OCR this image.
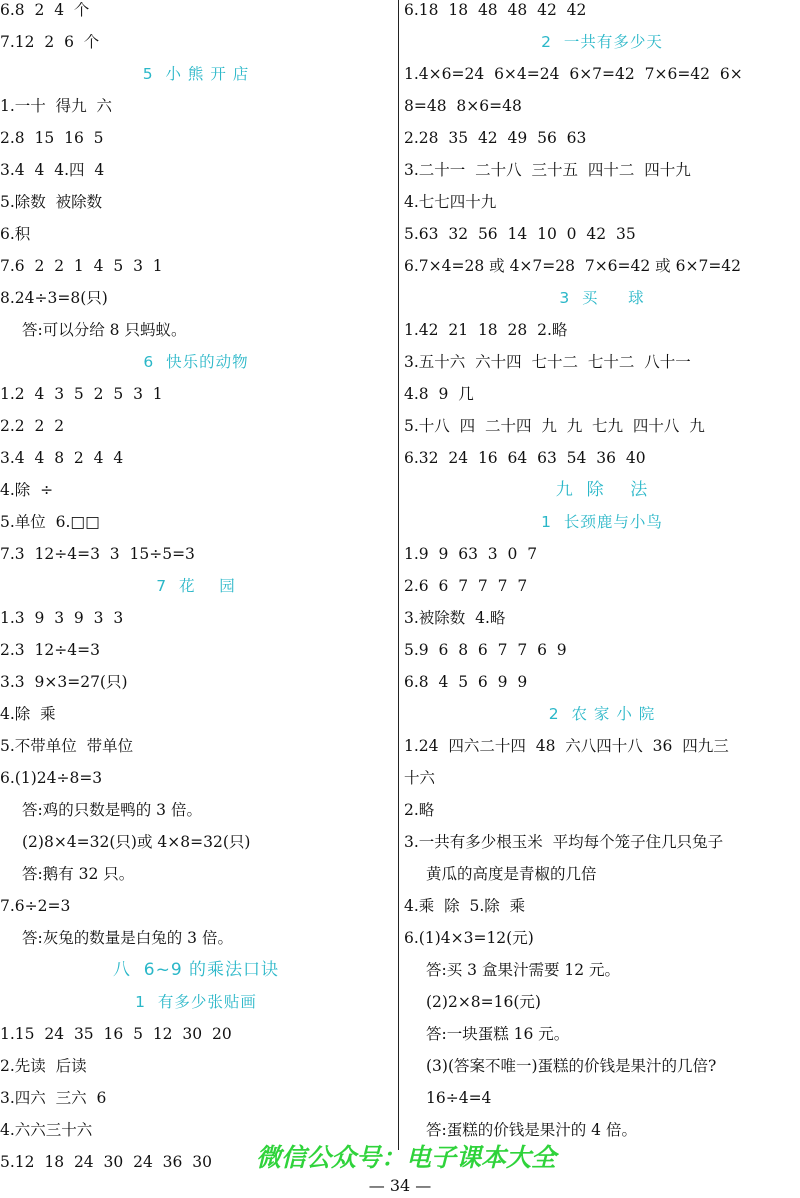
6.8  2  4  个
7.12  2  6  个
5  小 熊 开 店
1.一十  得九  六
2.8  15  16  5
3.4  4  4.四  4
5.除数  被除数
6.积
7.6  2  2  1  4  5  3  1
8.24÷3=8(只)
答:可以分给 8 只蚂蚁。
6  快乐的动物
1.2  4  3  5  2  5  3  1
2.2  2  2
3.4  4  8  2  4  4
4.除  ÷
5.单位  6.□□
7.3  12÷4=3  3  15÷5=3
7  花    园
1.3  9  3  9  3  3
2.3  12÷4=3
3.3  9×3=27(只)
4.除  乘
5.不带单位  带单位
6.(1)24÷8=3
答:鸡的只数是鸭的 3 倍。
(2)8×4=32(只)或 4×8=32(只)
答:鹅有 32 只。
7.6÷2=3
答:灰兔的数量是白兔的 3 倍。
八  6~9 的乘法口诀
1  有多少张贴画
1.15  24  35  16  5  12  30  20
2.先读  后读
3.四六  三六  6
4.六六三十六
5.12  18  24  30  24  36  30
6.18  18  48  48  42  42
2  一共有多少天
1.4×6=24  6×4=24  6×7=42  7×6=42  6×
8=48  8×6=48
2.28  35  42  49  56  63
3.二十一  二十八  三十五  四十二  四十九
4.七七四十九
5.63  32  56  14  10  0  42  35
6.7×4=28 或 4×7=28  7×6=42 或 6×7=42
3  买     球
1.42  21  18  28  2.略
3.五十六  六十四  七十二  七十二  八十一
4.8  9  几
5.十八  四  二十四  九  九  七九  四十八  九
6.32  24  16  64  63  54  36  40
九  除    法
1  长颈鹿与小鸟
1.9  9  63  3  0  7
2.6  6  7  7  7  7
3.被除数  4.略
5.9  6  8  6  7  7  6  9
6.8  4  5  6  9  9
2  农 家 小 院
1.24  四六二十四  48  六八四十八  36  四九三
十六
2.略
3.一共有多少根玉米  平均每个笼子住几只兔子
黄瓜的高度是青椒的几倍
4.乘  除  5.除  乘
6.(1)4×3=12(元)
答:买 3 盒果汁需要 12 元。
(2)2×8=16(元)
答:一块蛋糕 16 元。
(3)(答案不唯一)蛋糕的价钱是果汁的几倍?
16÷4=4
答:蛋糕的价钱是果汁的 4 倍。
微信公众号：电子课本大全
— 34 —
